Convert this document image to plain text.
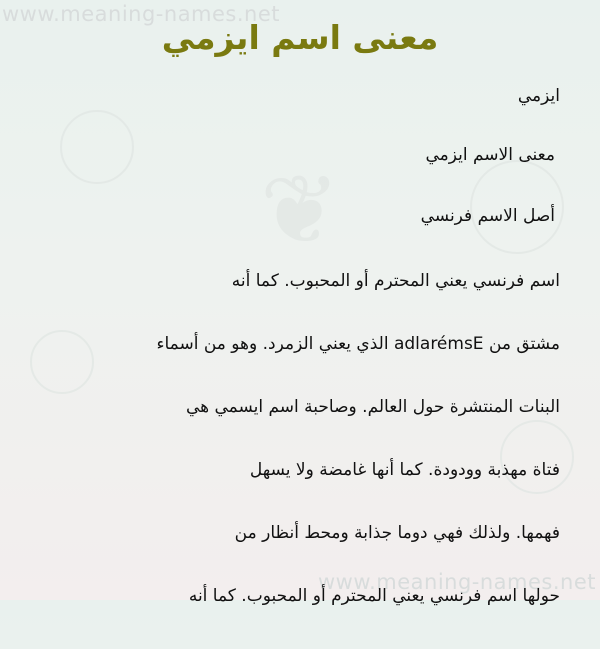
www.meaning-names.net
www.meaning-names.net
❦
معنى اسم ايزمي
ايزمي
معنى الاسم ايزمي
أصل الاسم فرنسي
اسم فرنسي يعني المحترم أو المحبوب. كما أنه
مشتق من adlarémsE الذي يعني الزمرد. وهو من أسماء
البنات المنتشرة حول العالم. وصاحبة اسم ايسمي هي
فتاة مهذبة وودودة. كما أنها غامضة ولا يسهل
فهمها. ولذلك فهي دوما جذابة ومحط أنظار من
حولها اسم فرنسي يعني المحترم أو المحبوب. كما أنه
